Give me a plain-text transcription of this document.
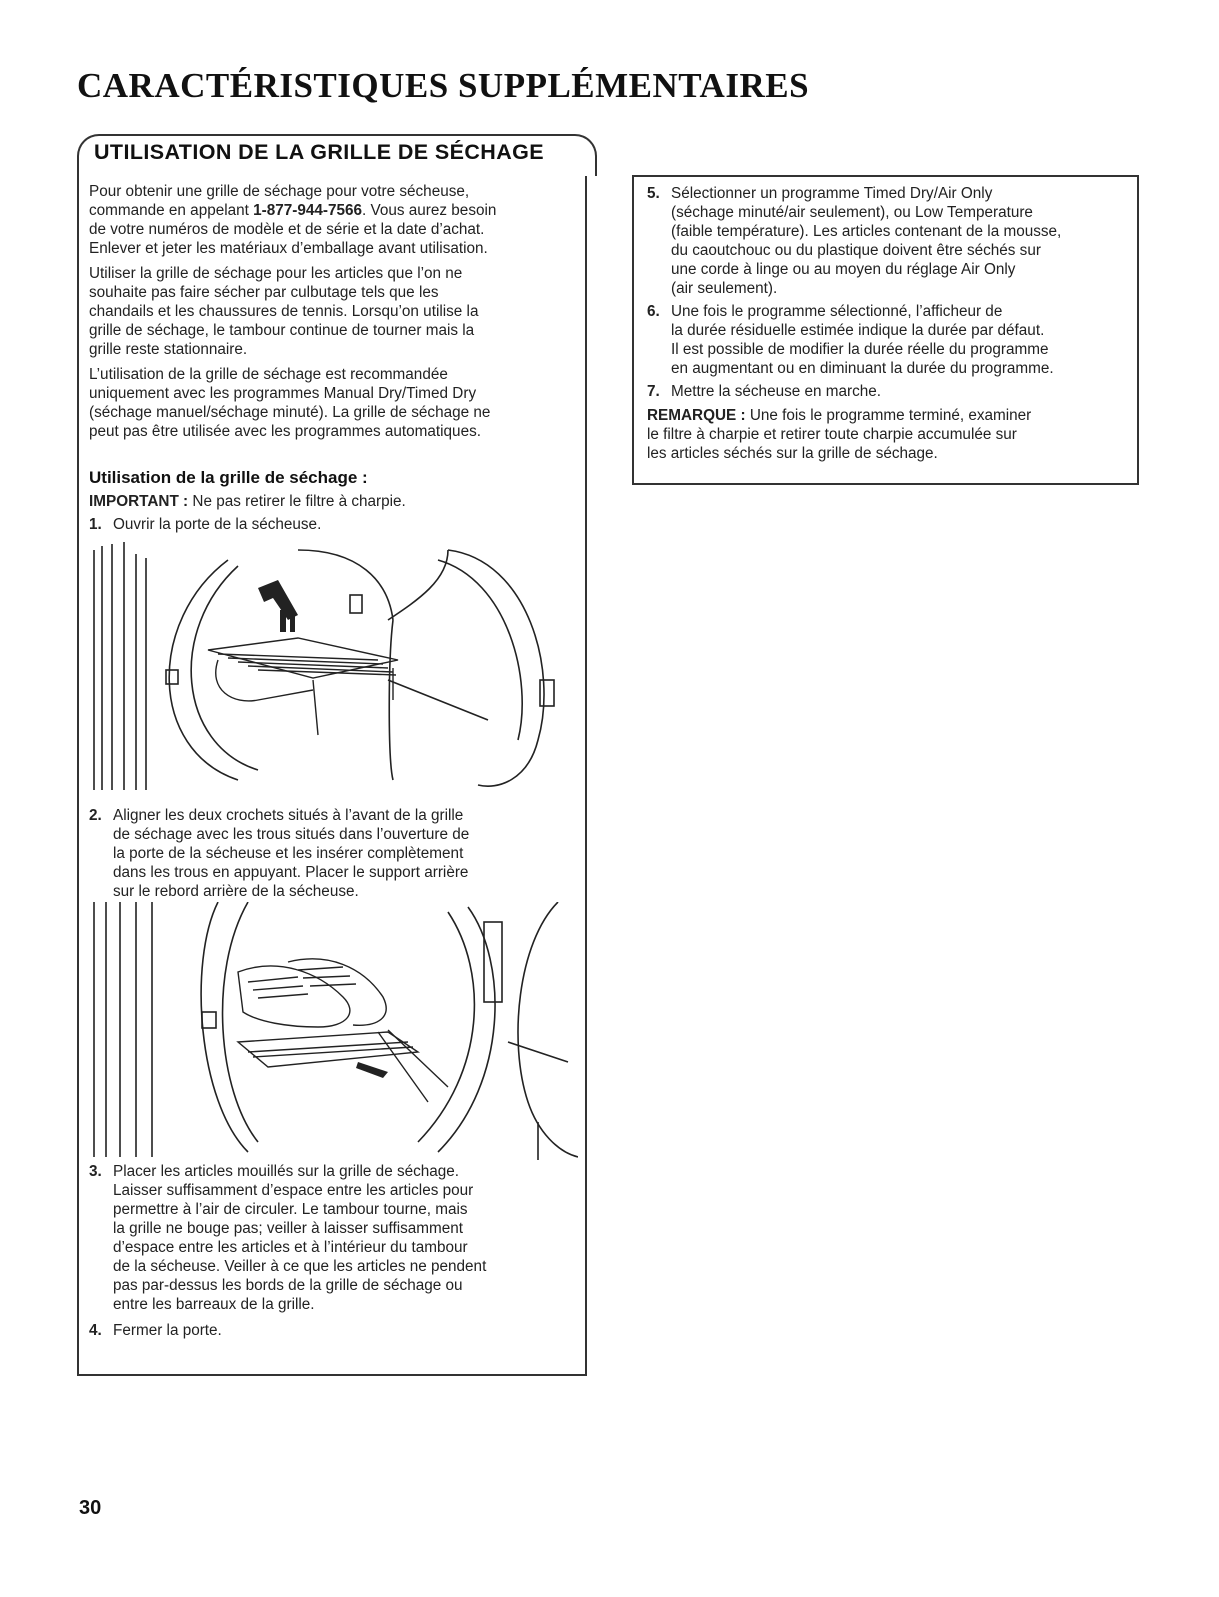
CARACTÉRISTIQUES SUPPLÉMENTAIRES
UTILISATION DE LA GRILLE DE SÉCHAGE

Pour obtenir une grille de séchage pour votre sécheuse,
commande en appelant 1-877-944-7566. Vous aurez besoin
de votre numéros de modèle et de série et la date d’achat.
Enlever et jeter les matériaux d’emballage avant utilisation.

Utiliser la grille de séchage pour les articles que l’on ne
souhaite pas faire sécher par culbutage tels que les
chandails et les chaussures de tennis. Lorsqu’on utilise la
grille de séchage, le tambour continue de tourner mais la
grille reste stationnaire.

L’utilisation de la grille de séchage est recommandée
uniquement avec les programmes Manual Dry/Timed Dry
(séchage manuel/séchage minuté). La grille de séchage ne
peut pas être utilisée avec les programmes automatiques.

Utilisation de la grille de séchage :
IMPORTANT : Ne pas retirer le filtre à charpie.
1. Ouvrir la porte de la sécheuse.
2. Aligner les deux crochets situés à l’avant de la grille
de séchage avec les trous situés dans l’ouverture de
la porte de la sécheuse et les insérer complètement
dans les trous en appuyant. Placer le support arrière
sur le rebord arrière de la sécheuse.
3. Placer les articles mouillés sur la grille de séchage.
Laisser suffisamment d’espace entre les articles pour
permettre à l’air de circuler. Le tambour tourne, mais
la grille ne bouge pas; veiller à laisser suffisamment
d’espace entre les articles et à l’intérieur du tambour
de la sécheuse. Veiller à ce que les articles ne pendent
pas par-dessus les bords de la grille de séchage ou
entre les barreaux de la grille.
4. Fermer la porte.
5. Sélectionner un programme Timed Dry/Air Only
(séchage minuté/air seulement), ou Low Temperature
(faible température). Les articles contenant de la mousse,
du caoutchouc ou du plastique doivent être séchés sur
une corde à linge ou au moyen du réglage Air Only
(air seulement).
6. Une fois le programme sélectionné, l’afficheur de
la durée résiduelle estimée indique la durée par défaut.
Il est possible de modifier la durée réelle du programme
en augmentant ou en diminuant la durée du programme.
7. Mettre la sécheuse en marche.
REMARQUE : Une fois le programme terminé, examiner
le filtre à charpie et retirer toute charpie accumulée sur
les articles séchés sur la grille de séchage.
30
